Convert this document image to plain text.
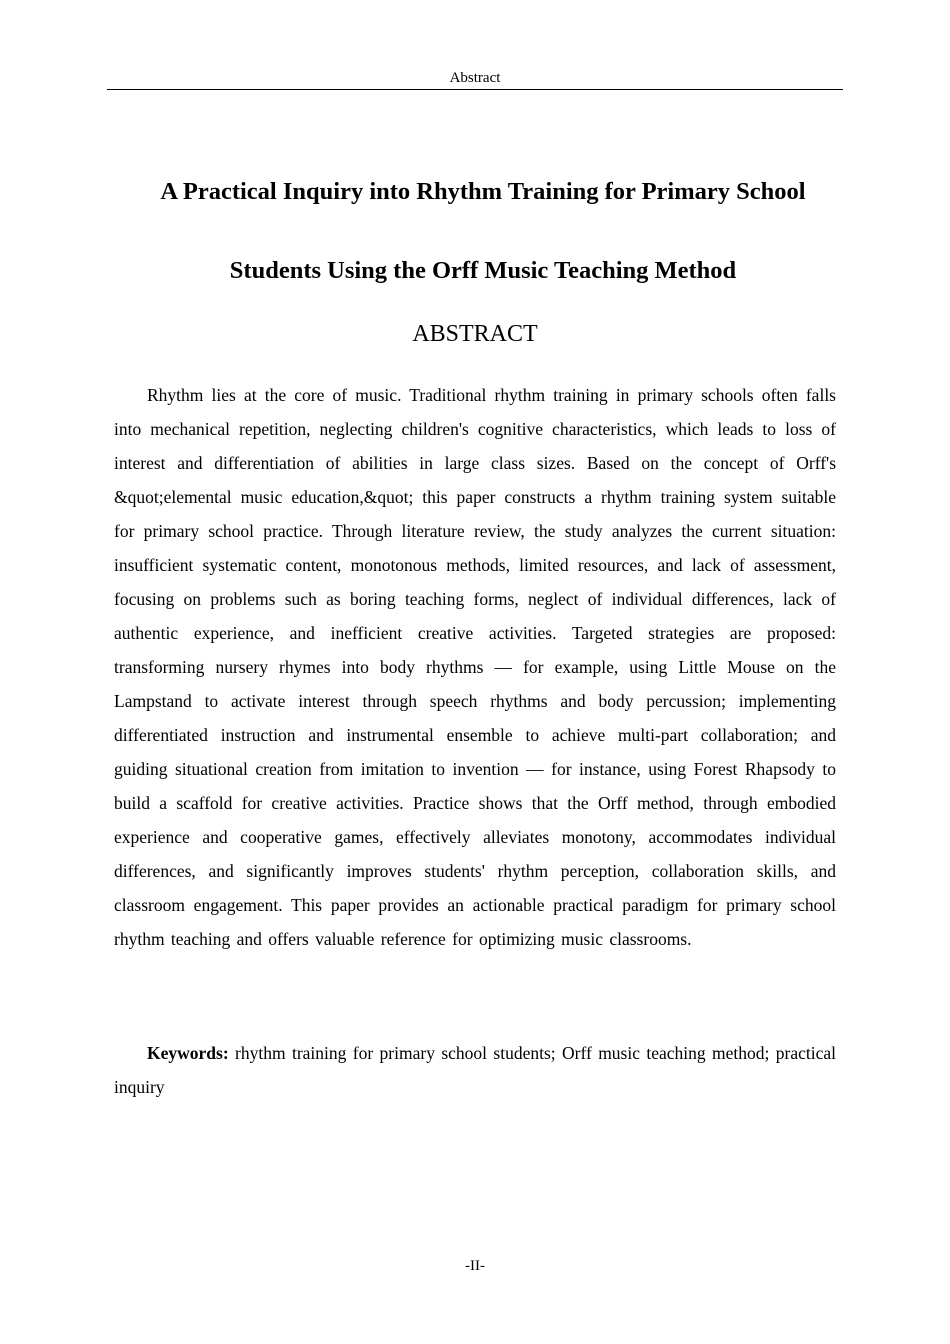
Abstract
A Practical Inquiry into Rhythm Training for Primary School
Students Using the Orff Music Teaching Method
ABSTRACT

Rhythm lies at the core of music. Traditional rhythm training in primary schools often falls into mechanical repetition, neglecting children's cognitive characteristics, which leads to loss of interest and differentiation of abilities in large class sizes. Based on the concept of Orff's &quot;elemental music education,&quot; this paper constructs a rhythm training system suitable for primary school practice. Through literature review, the study analyzes the current situation: insufficient systematic content, monotonous methods, limited resources, and lack of assessment, focusing on problems such as boring teaching forms, neglect of individual differences, lack of authentic experience, and inefficient creative activities. Targeted strategies are proposed: transforming nursery rhymes into body rhythms — for example, using Little Mouse on the Lampstand to activate interest through speech rhythms and body percussion; implementing differentiated instruction and instrumental ensemble to achieve multi-part collaboration; and guiding situational creation from imitation to invention — for instance, using Forest Rhapsody to build a scaffold for creative activities. Practice shows that the Orff method, through embodied experience and cooperative games, effectively alleviates monotony, accommodates individual differences, and significantly improves students' rhythm perception, collaboration skills, and classroom engagement. This paper provides an actionable practical paradigm for primary school rhythm teaching and offers valuable reference for optimizing music classrooms.

Keywords: rhythm training for primary school students; Orff music teaching method; practical inquiry

-II-
